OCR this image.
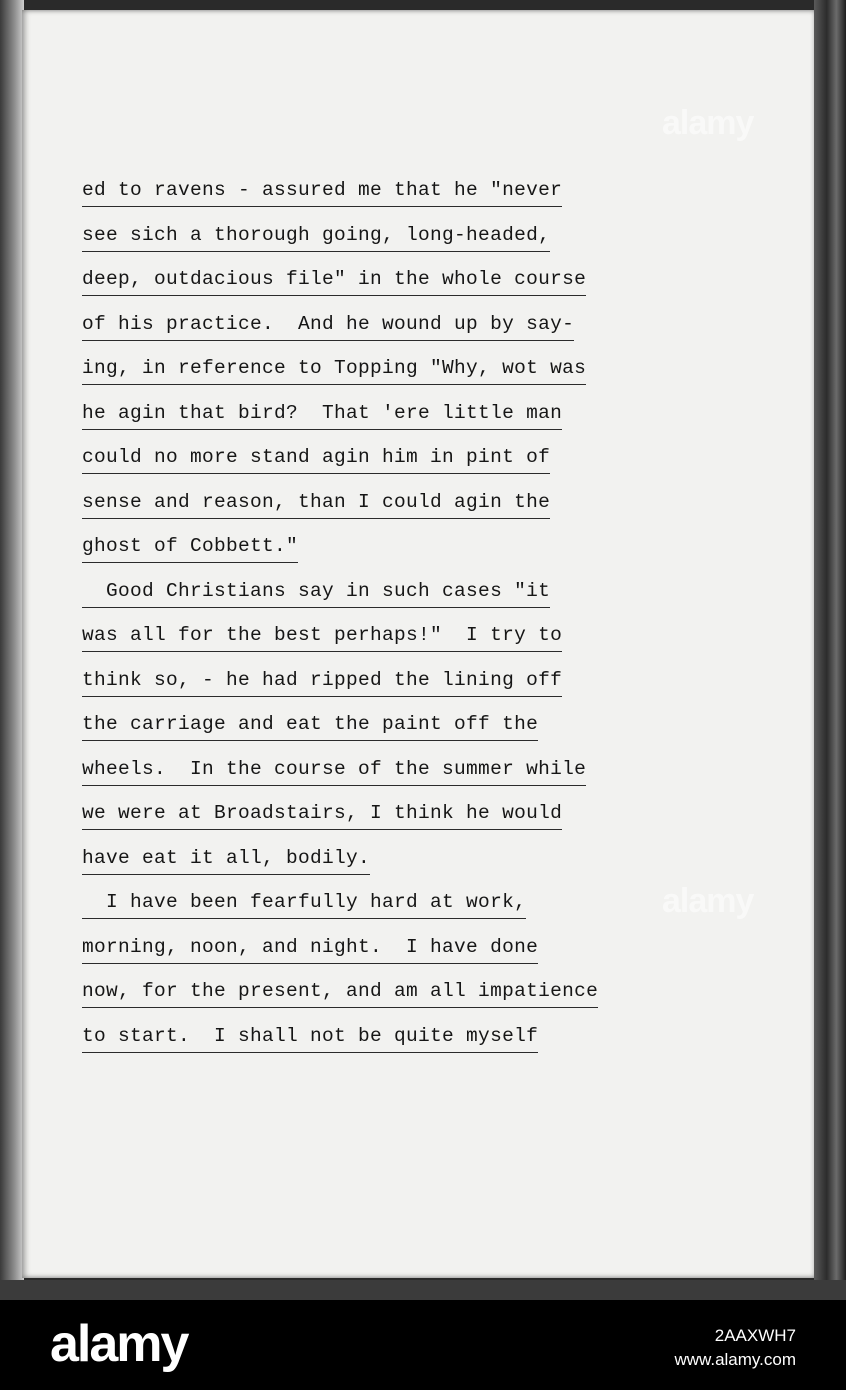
ed to ravens - assured me that he "never
see sich a thorough going, long-headed,
deep, outdacious file" in the whole course
of his practice.  And he wound up by say-
ing, in reference to Topping "Why, wot was
he agin that bird?  That 'ere little man
could no more stand agin him in pint of
sense and reason, than I could agin the
ghost of Cobbett."
Good Christians say in such cases "it
was all for the best perhaps!"  I try to
think so, - he had ripped the lining off
the carriage and eat the paint off the
wheels.  In the course of the summer while
we were at Broadstairs, I think he would
have eat it all, bodily.
I have been fearfully hard at work,
morning, noon, and night.  I have done
now, for the present, and am all impatience
to start.  I shall not be quite myself
alamy
alamy
alamy	2AAXWH7
www.alamy.com
